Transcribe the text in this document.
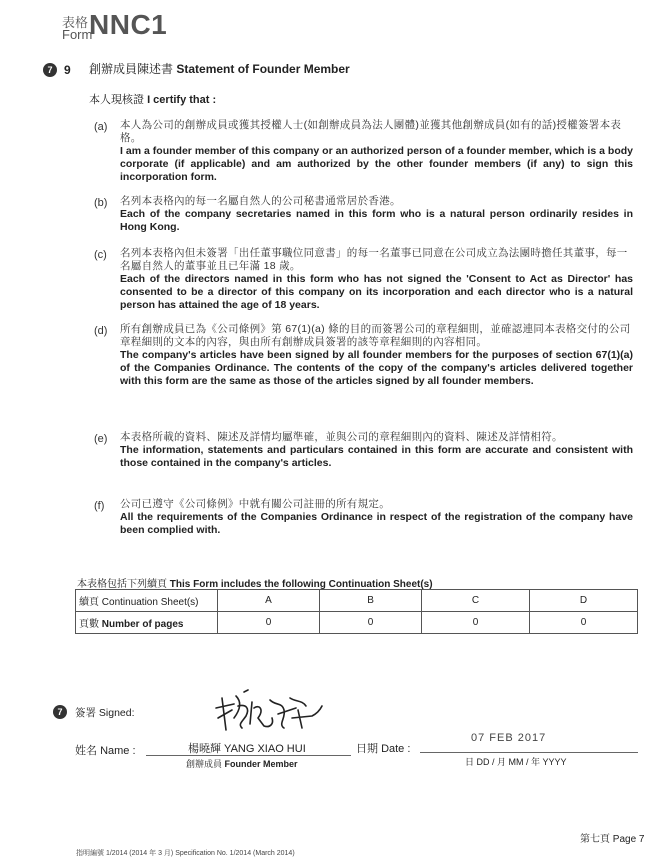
表格
Form
NNC1
7 9 創辦成員陳述書 Statement of Founder Member
本人現核證 I certify that :
(a) 本人為公司的創辦成員或獲其授權人士(如創辦成員為法人團體)並獲其他創辦成員(如有的話)授權簽署本表格。
I am a founder member of this company or an authorized person of a founder member, which is a body corporate (if applicable) and am authorized by the other founder members (if any) to sign this incorporation form.
(b) 名列本表格內的每一名屬自然人的公司秘書通常居於香港。
Each of the company secretaries named in this form who is a natural person ordinarily resides in Hong Kong.
(c) 名列本表格內但未簽署「出任董事職位同意書」的每一名董事已同意在公司成立為法團時擔任其董事，每一名屬自然人的董事並且已年滿 18 歲。
Each of the directors named in this form who has not signed the 'Consent to Act as Director' has consented to be a director of this company on its incorporation and each director who is a natural person has attained the age of 18 years.
(d) 所有創辦成員已為《公司條例》第 67(1)(a) 條的目的而簽署公司的章程細則，並確認連同本表格交付的公司章程細則的文本的內容，與由所有創辦成員簽署的該等章程細則的內容相同。
The company's articles have been signed by all founder members for the purposes of section 67(1)(a) of the Companies Ordinance. The contents of the copy of the company's articles delivered together with this form are the same as those of the articles signed by all founder members.
(e) 本表格所載的資料、陳述及詳情均屬準確，並與公司的章程細則內的資料、陳述及詳情相符。
The information, statements and particulars contained in this form are accurate and consistent with those contained in the company's articles.
(f) 公司已遵守《公司條例》中就有關公司註冊的所有規定。
All the requirements of the Companies Ordinance in respect of the registration of the company have been complied with.
本表格包括下列續頁 This Form includes the following Continuation Sheet(s)
續頁 Continuation Sheet(s)	A	B	C	D
頁數 Number of pages	0	0	0	0
7	簽署 Signed:
姓名 Name :	楊曉輝 YANG XIAO HUI
創辦成員 Founder Member
日期 Date :
07 FEB 2017
日 DD / 月 MM / 年 YYYY
第七頁 Page 7
指明編號 1/2014 (2014 年 3 月) Specification No. 1/2014 (March 2014)
